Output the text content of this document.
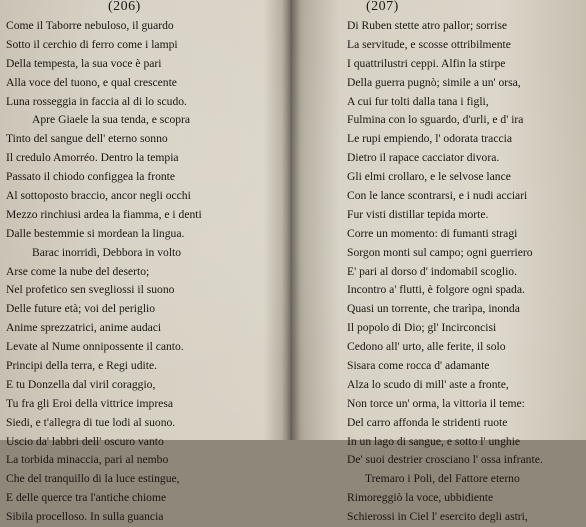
(206)
Come il Taborre nebuloso, il guardo
Sotto il cerchio di ferro come i lampi
Della tempesta, la sua voce è pari
Alla voce del tuono, e qual crescente
Luna rosseggia in faccia al di lo scudo.
Apre Giaele la sua tenda, e scopra
Tinto del sangue dell' eterno sonno
Il credulo Amorréo. Dentro la tempia
Passato il chiodo configgea la fronte
Al sottoposto braccio, ancor negli occhi
Mezzo rinchiusi ardea la fiamma, e i denti
Dalle bestemmie si mordean la lingua.
Barac inorridì, Debbora in volto
Arse come la nube del deserto;
Nel profetico sen svegliossi il suono
Delle future età; voi del periglio
Anime sprezzatrici, anime audaci
Levate al Nume onnipossente il canto.
Principi della terra, e Regi udite.
E tu Donzella dal viril coraggio,
Tu fra gli Eroi della vittrice impresa
Siedi, e t'allegra di tue lodi al suono.
Uscio da' labbri dell' oscuro vanto
La torbida minaccia, pari al nembo
Che del tranquillo di la luce estingue,
E delle querce tra l'antiche chiome
Sibila procelloso. In sulla guancia
(207)
Di Ruben stette atro pallor; sorrise
La servitude, e scosse ottribilmente
I quattrilustri ceppi. Alfin la stirpe
Della guerra pugnò; simile a un' orsa,
A cui fur tolti dalla tana i figli,
Fulmina con lo sguardo, d'urli, e d' ira
Le rupi empiendo, l' odorata traccia
Dietro il rapace cacciator divora.
Gli elmi crollaro, e le selvose lance
Con le lance scontrarsi, e i nudi acciari
Fur visti distillar tepida morte.
Corre un momento: di fumanti stragi
Sorgon monti sul campo; ogni guerriero
E' pari al dorso d' indomabil scoglio.
Incontro a' flutti, è folgore ogni spada.
Quasi un torrente, che trarìpa, inonda
Il popolo di Dio; gl' Incirconcisi
Cedono all' urto, alle ferite, il solo
Sisara come rocca d' adamante
Alza lo scudo di mill' aste a fronte,
Non torce un' orma, la vittoria il teme:
Del carro affonda le stridenti ruote
In un lago di sangue, e sotto l' unghie
De' suoi destrier crosciano l' ossa infrante.
Tremaro i Poli, del Fattore eterno
Rimoreggiò la voce, ubbidiente
Schierossi in Ciel l' esercito degli astri,
